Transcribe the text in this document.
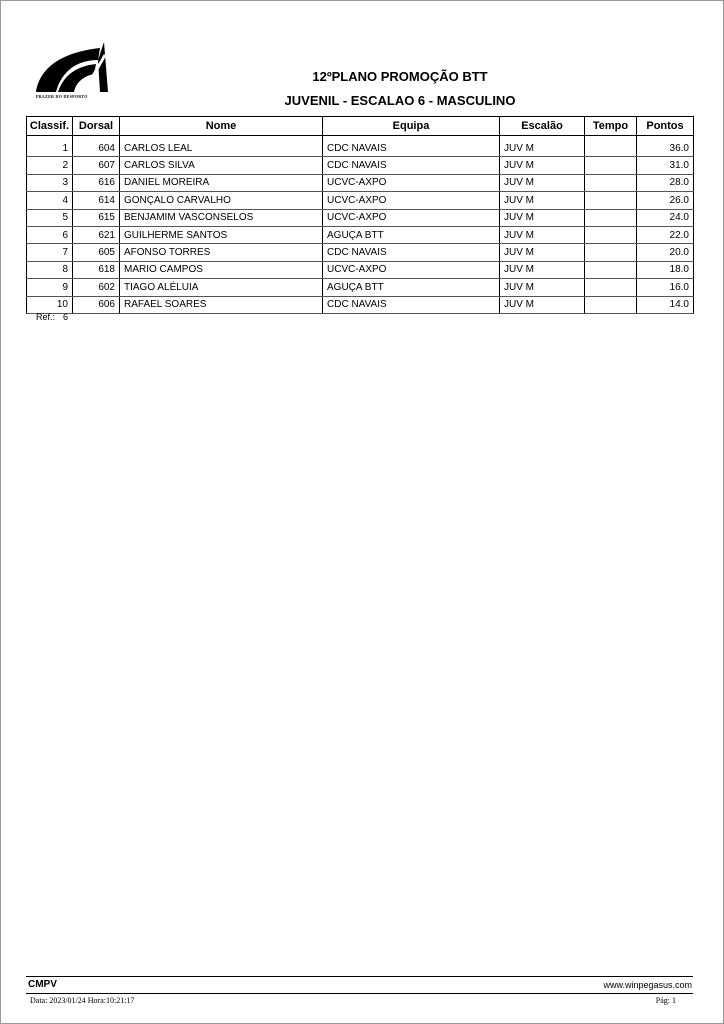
PRAZER DO DESPORTO
12ºPLANO PROMOÇÃO BTT
JUVENIL - ESCALAO 6 - MASCULINO
Classif.	Dorsal	Nome	Equipa	Escalão	Tempo	Pontos

1	604	CARLOS LEAL	CDC NAVAIS	JUV M		36.0
2	607	CARLOS SILVA	CDC NAVAIS	JUV M		31.0
3	616	DANIEL MOREIRA	UCVC-AXPO	JUV M		28.0
4	614	GONÇALO CARVALHO	UCVC-AXPO	JUV M		26.0
5	615	BENJAMIM VASCONSELOS	UCVC-AXPO	JUV M		24.0
6	621	GUILHERME SANTOS	AGUÇA BTT	JUV M		22.0
7	605	AFONSO TORRES	CDC NAVAIS	JUV M		20.0
8	618	MARIO CAMPOS	UCVC-AXPO	JUV M		18.0
9	602	TIAGO ALÉLUIA	AGUÇA BTT	JUV M		16.0
10	606	RAFAEL SOARES	CDC NAVAIS	JUV M		14.0
Ref.: 6
CMPV	www.winpegasus.com
Data: 2023/01/24 Hora:10:21:17	Pág: 1
